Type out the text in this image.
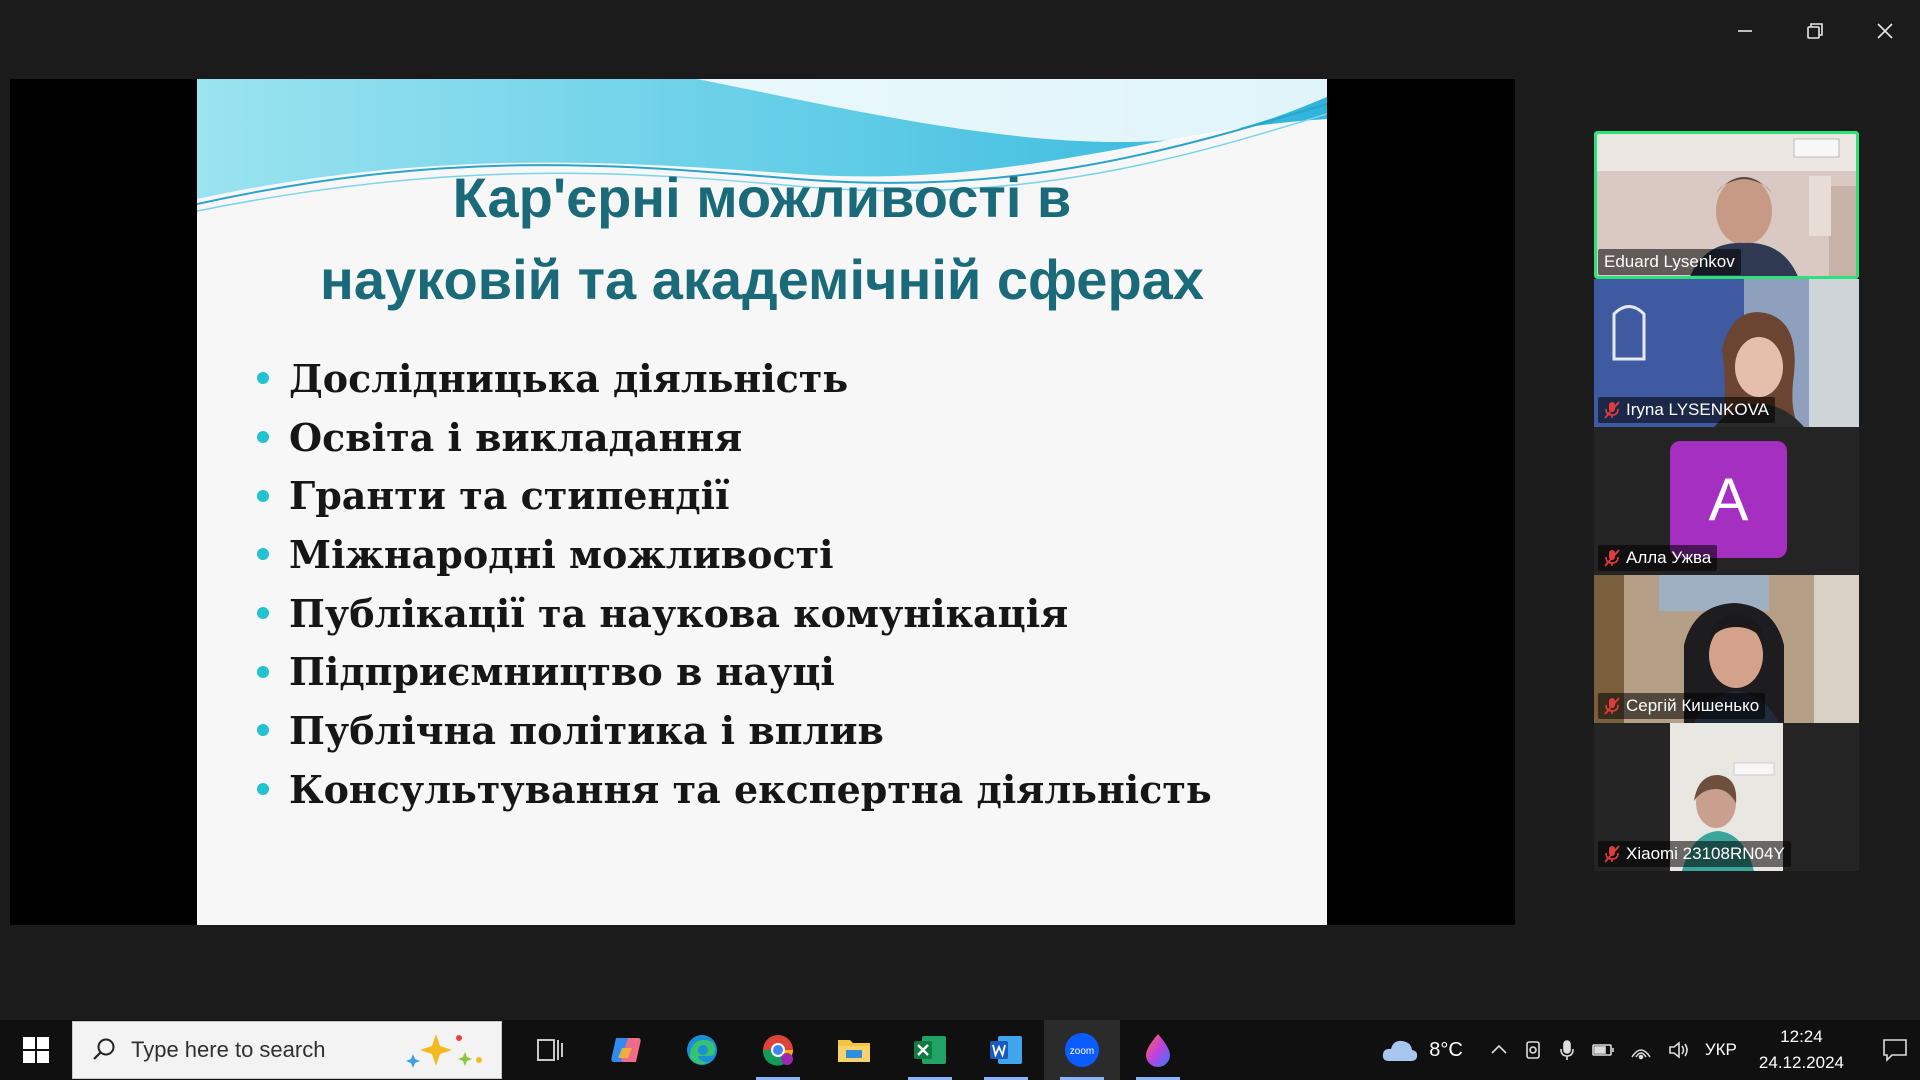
Кар'єрні можливості в
науковій та академічній сферах
Дослідницька діяльність
Освіта і викладання
Гранти та стипендії
Міжнародні можливості
Публікації та наукова комунікація
Підприємництво в науці
Публічна політика і вплив
Консультування та експертна діяльність
Eduard Lysenkov
Iryna LYSENKOVA
A
Алла Ужва
Сергій Кишенько
Xiaomi 23108RN04Y
Type here to search	zoom	8°C	УКР
12:24
24.12.2024
